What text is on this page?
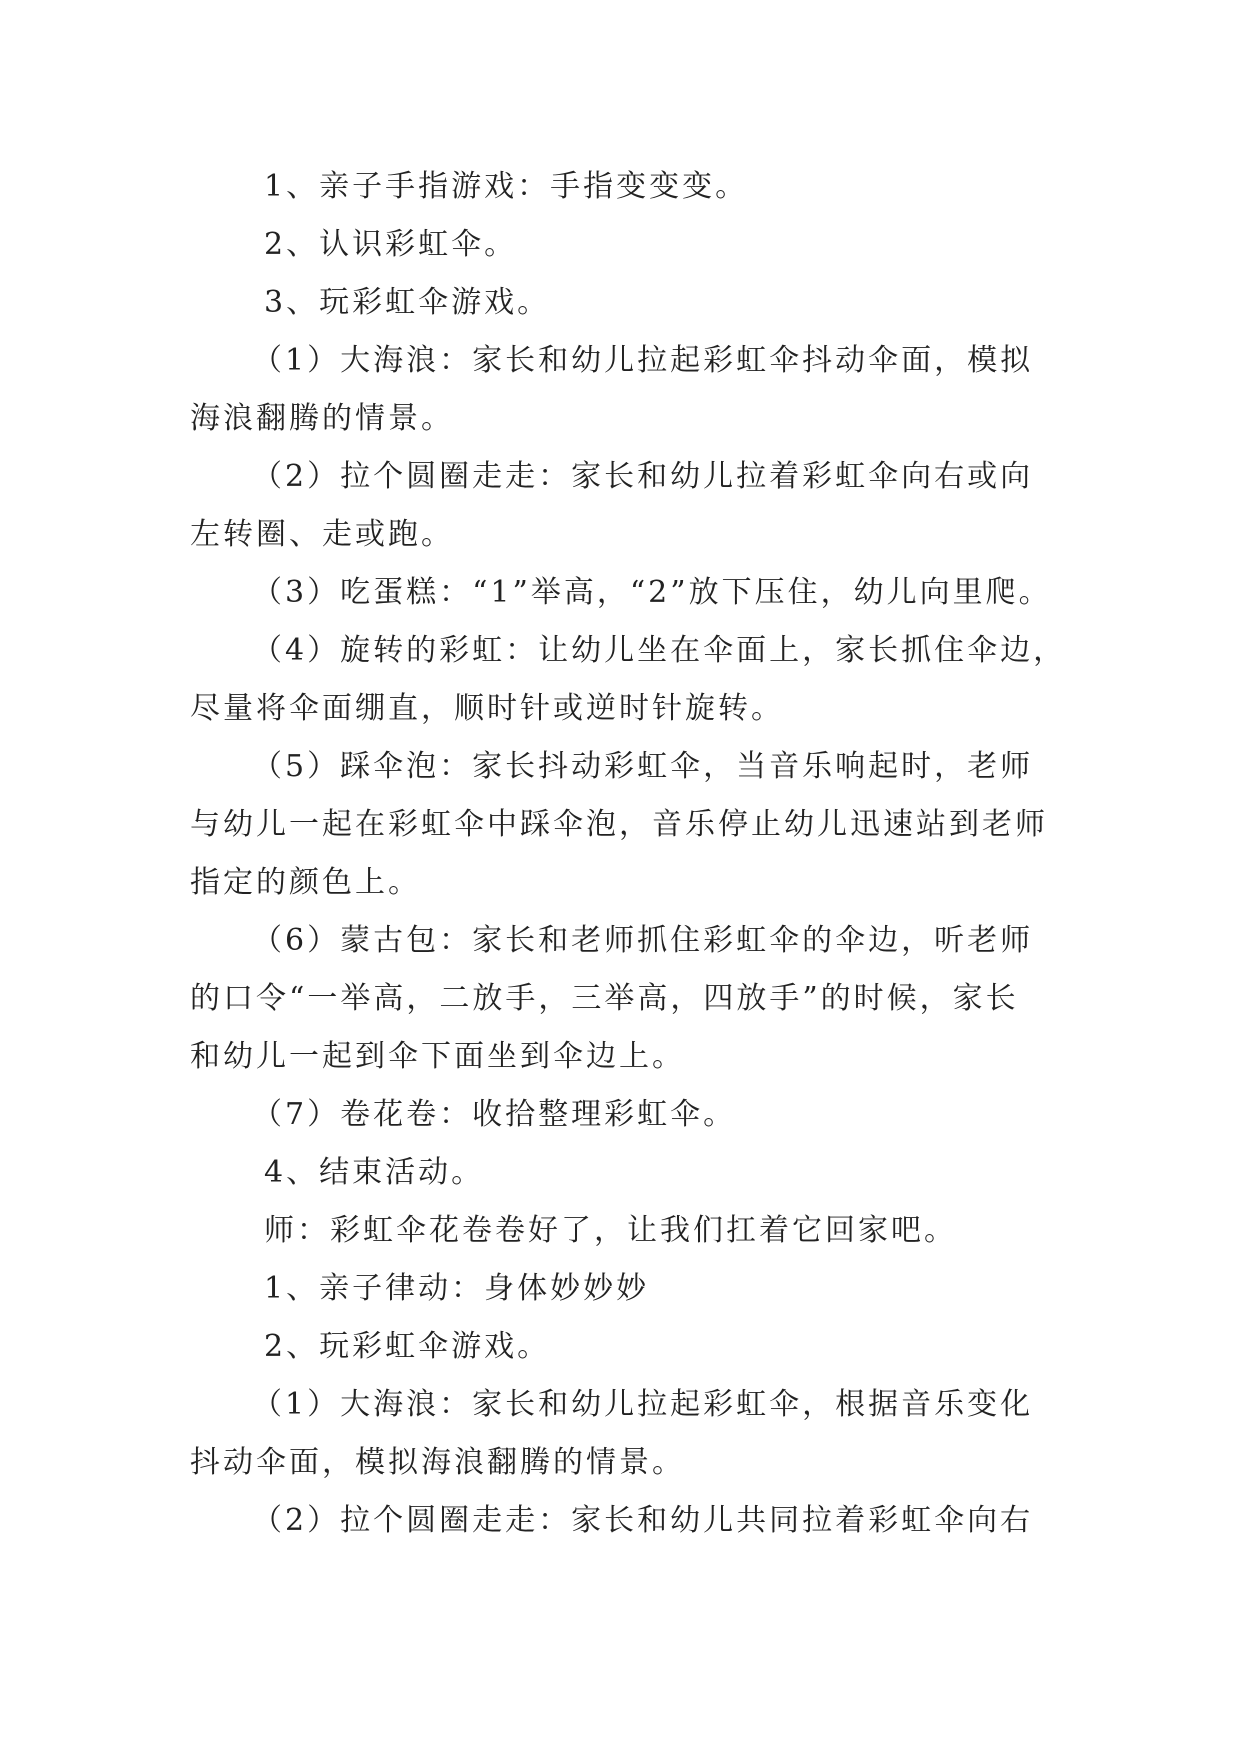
1、亲子手指游戏：手指变变变。
2、认识彩虹伞。
3、玩彩虹伞游戏。
（1）大海浪：家长和幼儿拉起彩虹伞抖动伞面，模拟
海浪翻腾的情景。
（2）拉个圆圈走走：家长和幼儿拉着彩虹伞向右或向
左转圈、走或跑。
（3）吃蛋糕：“1”举高，“2”放下压住，幼儿向里爬。
（4）旋转的彩虹：让幼儿坐在伞面上，家长抓住伞边，
尽量将伞面绷直，顺时针或逆时针旋转。
（5）踩伞泡：家长抖动彩虹伞，当音乐响起时，老师
与幼儿一起在彩虹伞中踩伞泡，音乐停止幼儿迅速站到老师
指定的颜色上。
（6）蒙古包：家长和老师抓住彩虹伞的伞边，听老师
的口令“一举高，二放手，三举高，四放手”的时候，家长
和幼儿一起到伞下面坐到伞边上。
（7）卷花卷：收拾整理彩虹伞。
4、结束活动。
师：彩虹伞花卷卷好了，让我们扛着它回家吧。
1、亲子律动：身体妙妙妙
2、玩彩虹伞游戏。
（1）大海浪：家长和幼儿拉起彩虹伞，根据音乐变化
抖动伞面，模拟海浪翻腾的情景。
（2）拉个圆圈走走：家长和幼儿共同拉着彩虹伞向右
